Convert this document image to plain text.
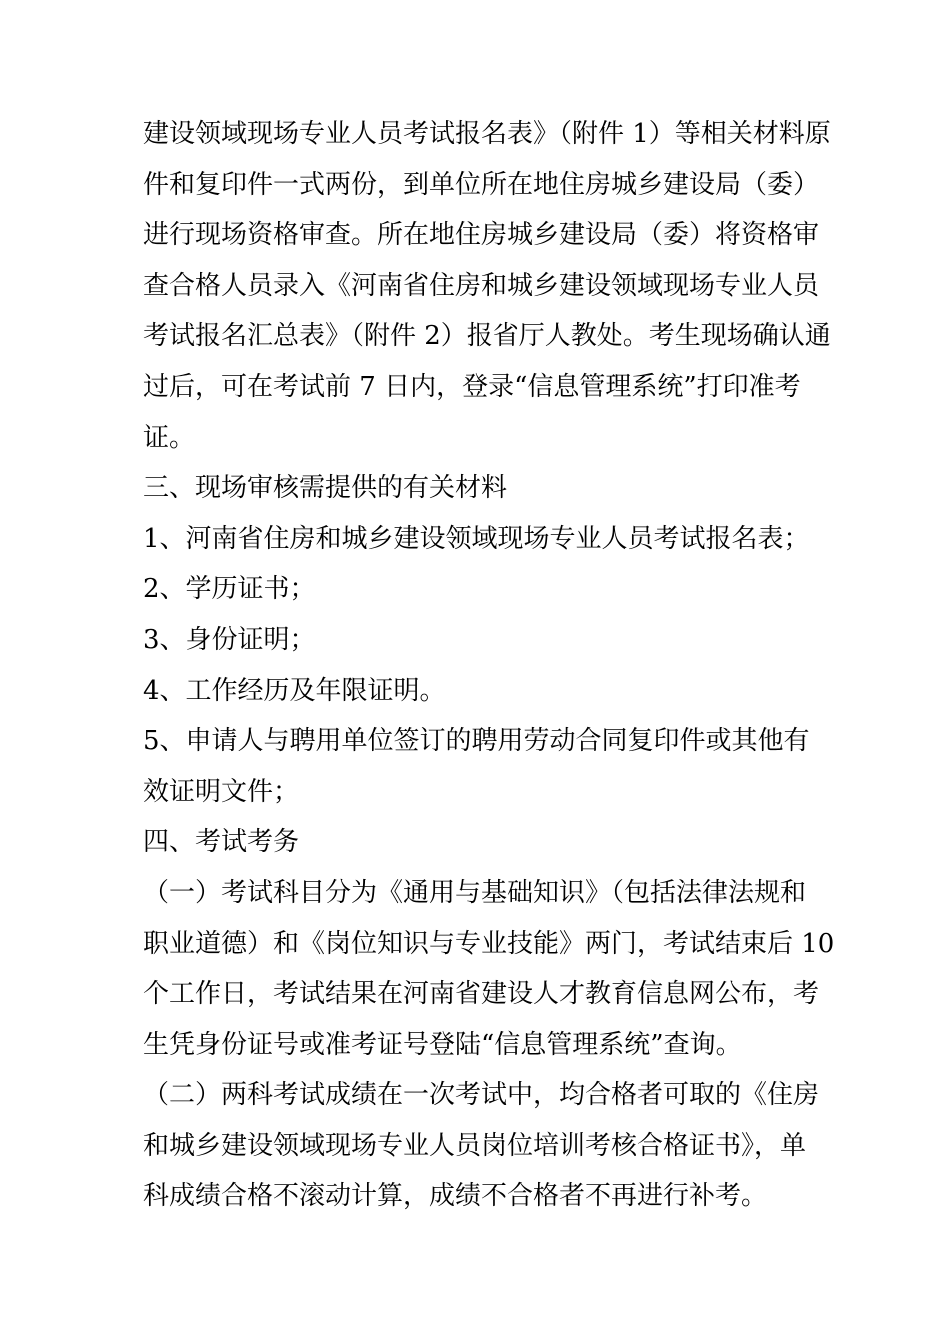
建设领域现场专业人员考试报名表》（附件 1）等相关材料原
件和复印件一式两份，到单位所在地住房城乡建设局（委）
进行现场资格审查。所在地住房城乡建设局（委）将资格审
查合格人员录入《河南省住房和城乡建设领域现场专业人员
考试报名汇总表》（附件 2）报省厅人教处。考生现场确认通
过后，可在考试前 7 日内，登录“信息管理系统”打印准考
证。
三、现场审核需提供的有关材料
1、河南省住房和城乡建设领域现场专业人员考试报名表；
2、学历证书；
3、身份证明；
4、工作经历及年限证明。
5、申请人与聘用单位签订的聘用劳动合同复印件或其他有
效证明文件；
四、考试考务
（一）考试科目分为《通用与基础知识》（包括法律法规和
职业道德）和《岗位知识与专业技能》两门，考试结束后 10
个工作日，考试结果在河南省建设人才教育信息网公布，考
生凭身份证号或准考证号登陆“信息管理系统”查询。
（二）两科考试成绩在一次考试中，均合格者可取的《住房
和城乡建设领域现场专业人员岗位培训考核合格证书》，单
科成绩合格不滚动计算，成绩不合格者不再进行补考。
